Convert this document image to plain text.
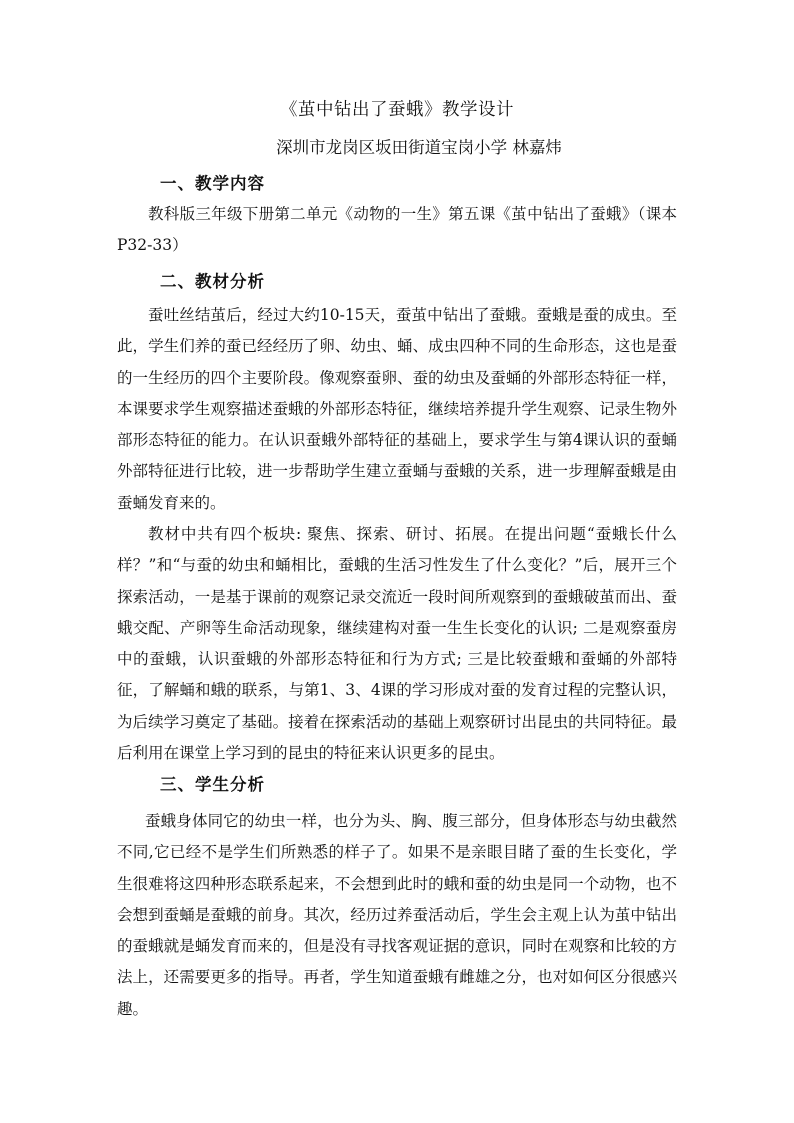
《茧中钻出了蚕蛾》教学设计
深圳市龙岗区坂田街道宝岗小学 林嘉炜
一、教学内容

教科版三年级下册第二单元《动物的一生》第五课《茧中钻出了蚕蛾》（课本P32-33）

二、教材分析

蚕吐丝结茧后，经过大约10-15天，蚕茧中钻出了蚕蛾。蚕蛾是蚕的成虫。至此，学生们养的蚕已经经历了卵、幼虫、蛹、成虫四种不同的生命形态，这也是蚕的一生经历的四个主要阶段。像观察蚕卵、蚕的幼虫及蚕蛹的外部形态特征一样，本课要求学生观察描述蚕蛾的外部形态特征，继续培养提升学生观察、记录生物外部形态特征的能力。在认识蚕蛾外部特征的基础上，要求学生与第4课认识的蚕蛹外部特征进行比较，进一步帮助学生建立蚕蛹与蚕蛾的关系，进一步理解蚕蛾是由蚕蛹发育来的。

教材中共有四个板块: 聚焦、探索、研讨、拓展。在提出问题“蚕蛾长什么样？”和“与蚕的幼虫和蛹相比，蚕蛾的生活习性发生了什么变化？”后，展开三个探索活动，一是基于课前的观察记录交流近一段时间所观察到的蚕蛾破茧而出、蚕蛾交配、产卵等生命活动现象，继续建构对蚕一生生长变化的认识; 二是观察蚕房中的蚕蛾，认识蚕蛾的外部形态特征和行为方式; 三是比较蚕蛾和蚕蛹的外部特征，了解蛹和蛾的联系，与第1、3、4课的学习形成对蚕的发育过程的完整认识，为后续学习奠定了基础。接着在探索活动的基础上观察研讨出昆虫的共同特征。最后利用在课堂上学习到的昆虫的特征来认识更多的昆虫。

三、学生分析

蚕蛾身体同它的幼虫一样，也分为头、胸、腹三部分，但身体形态与幼虫截然不同,它已经不是学生们所熟悉的样子了。如果不是亲眼目睹了蚕的生长变化，学生很难将这四种形态联系起来，不会想到此时的蛾和蚕的幼虫是同一个动物，也不会想到蚕蛹是蚕蛾的前身。其次，经历过养蚕活动后，学生会主观上认为茧中钻出的蚕蛾就是蛹发育而来的，但是没有寻找客观证据的意识，同时在观察和比较的方法上，还需要更多的指导。再者，学生知道蚕蛾有雌雄之分，也对如何区分很感兴趣。
